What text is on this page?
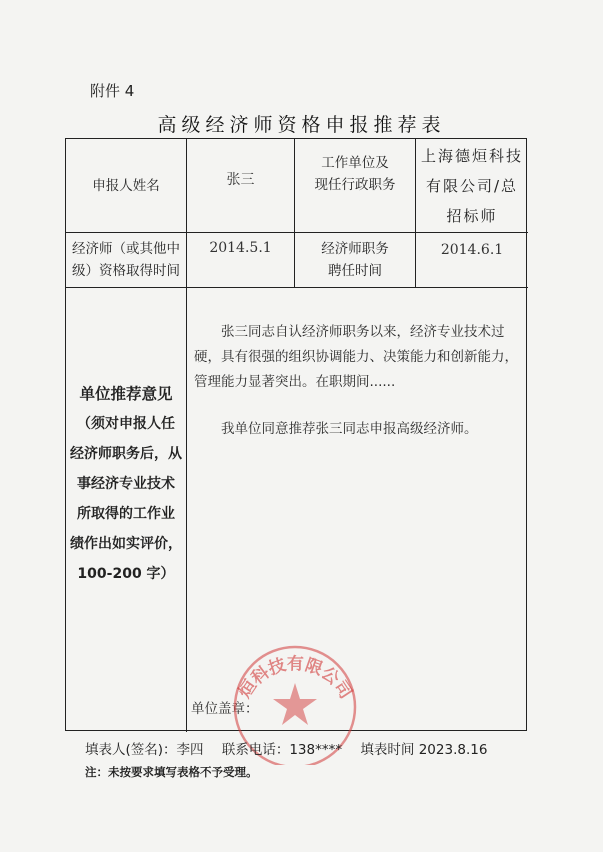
附件 4
高级经济师资格申报推荐表
申报人姓名	张三
工作单位及
现任行政职务
上海德烜科技
有限公司/总
招标师
经济师（或其他中
级）资格取得时间
2014.5.1	经济师职务
聘任时间
2014.6.1
单位推荐意见
（须对申报人任
经济师职务后，从
事经济专业技术
所取得的工作业
绩作出如实评价，
100-200 字）
张三同志自认经济师职务以来，经济专业技术过
硬，具有很强的组织协调能力、决策能力和创新能力，
管理能力显著突出。在职期间......
我单位同意推荐张三同志申报高级经济师。
单位盖章：
烜科技有限公司
填表人(签名)：李四 联系电话：138**** 填表时间 2023.8.16
注：未按要求填写表格不予受理。
